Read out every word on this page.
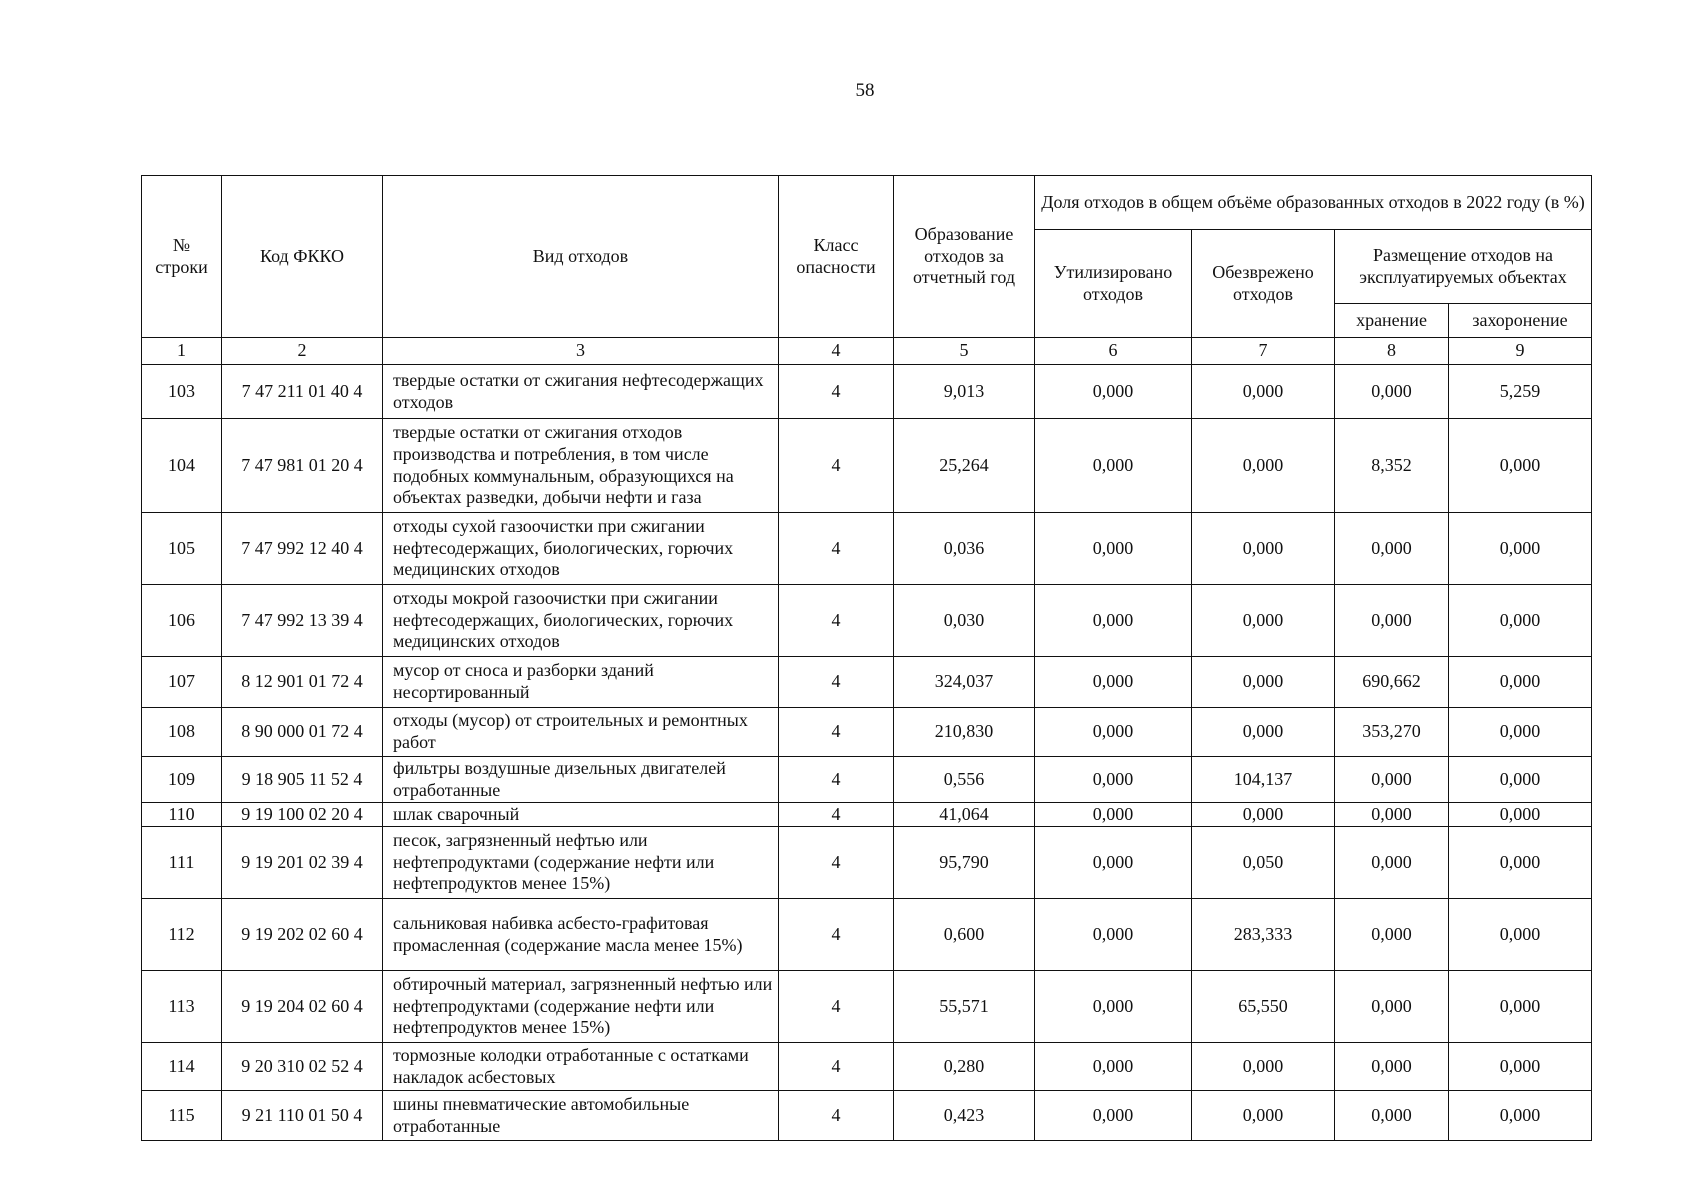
58
№ строки	Код ФККО	Вид отходов	Класс опасности	Образование отходов за отчетный год	Доля отходов в общем объёме образованных отходов в 2022 году (в %)			
					Утилизировано отходов	Обезврежено отходов	Размещение отходов на эксплуатируемых объектах	
							хранение	захоронение
1	2	3	4	5	6	7	8	9
103	7 47 211 01 40 4	твердые остатки от сжигания нефтесодержащих отходов	4	9,013	0,000	0,000	0,000	5,259
104	7 47 981 01 20 4	твердые остатки от сжигания отходов производства и потребления, в том числе подобных коммунальным, образующихся на объектах разведки, добычи нефти и газа	4	25,264	0,000	0,000	8,352	0,000
105	7 47 992 12 40 4	отходы сухой газоочистки при сжигании нефтесодержащих, биологических, горючих медицинских отходов	4	0,036	0,000	0,000	0,000	0,000
106	7 47 992 13 39 4	отходы мокрой газоочистки при сжигании нефтесодержащих, биологических, горючих медицинских отходов	4	0,030	0,000	0,000	0,000	0,000
107	8 12 901 01 72 4	мусор от сноса и разборки зданий несортированный	4	324,037	0,000	0,000	690,662	0,000
108	8 90 000 01 72 4	отходы (мусор) от строительных и ремонтных работ	4	210,830	0,000	0,000	353,270	0,000
109	9 18 905 11 52 4	фильтры воздушные дизельных двигателей отработанные	4	0,556	0,000	104,137	0,000	0,000
110	9 19 100 02 20 4	шлак сварочный	4	41,064	0,000	0,000	0,000	0,000
111	9 19 201 02 39 4	песок, загрязненный нефтью или нефтепродуктами (содержание нефти или нефтепродуктов менее 15%)	4	95,790	0,000	0,050	0,000	0,000
112	9 19 202 02 60 4	сальниковая набивка асбесто-графитовая промасленная (содержание масла менее 15%)	4	0,600	0,000	283,333	0,000	0,000
113	9 19 204 02 60 4	обтирочный материал, загрязненный нефтью или нефтепродуктами (содержание нефти или нефтепродуктов менее 15%)	4	55,571	0,000	65,550	0,000	0,000
114	9 20 310 02 52 4	тормозные колодки отработанные с остатками накладок асбестовых	4	0,280	0,000	0,000	0,000	0,000
115	9 21 110 01 50 4	шины пневматические автомобильные отработанные	4	0,423	0,000	0,000	0,000	0,000
